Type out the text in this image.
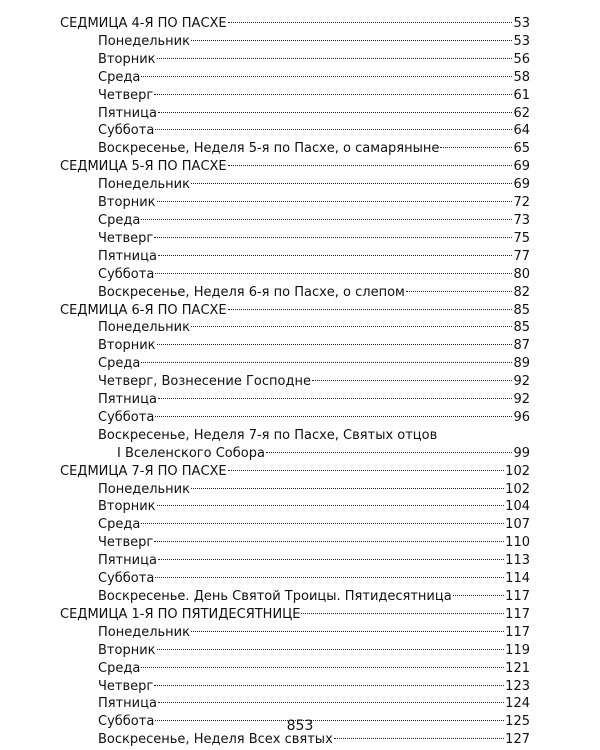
СЕДМИЦА 4-Я ПО ПАСХЕ	53
Понедельник	53
Вторник	56
Среда	58
Четверг	61
Пятница	62
Суббота	64
Воскресенье, Неделя 5-я по Пасхе, о самаряныне	65
СЕДМИЦА 5-Я ПО ПАСХЕ	69
Понедельник	69
Вторник	72
Среда	73
Четверг	75
Пятница	77
Суббота	80
Воскресенье, Неделя 6-я по Пасхе, о слепом	82
СЕДМИЦА 6-Я ПО ПАСХЕ	85
Понедельник	85
Вторник	87
Среда	89
Четверг, Вознесение Господне	92
Пятница	92
Суббота	96
Воскресенье, Неделя 7-я по Пасхе, Святых отцов
I Вселенского Собора	99
СЕДМИЦА 7-Я ПО ПАСХЕ	102
Понедельник	102
Вторник	104
Среда	107
Четверг	110
Пятница	113
Суббота	114
Воскресенье. День Святой Троицы. Пятидесятница	117
СЕДМИЦА 1-Я ПО ПЯТИДЕСЯТНИЦЕ	117
Понедельник	117
Вторник	119
Среда	121
Четверг	123
Пятница	124
Суббота	125
Воскресенье, Неделя Всех святых	127
853
